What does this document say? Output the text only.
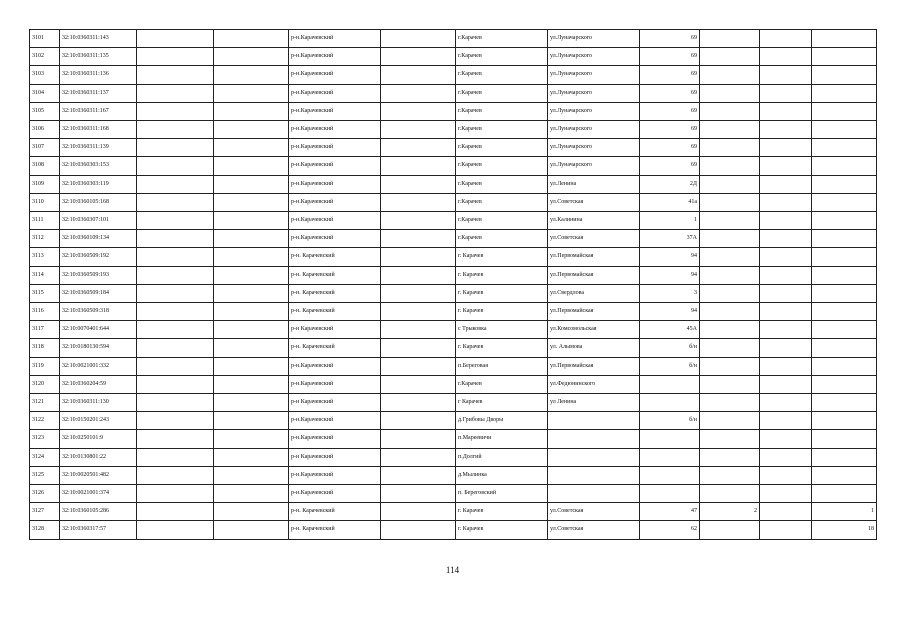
3101	32:10:0360311:143			р-н.Карачевский		г.Карачев	ул.Луначарского	69			
3102	32:10:0360311:135			р-н.Карачевский		г.Карачев	ул.Луначарского	69			
3103	32:10:0360311:136			р-н.Карачевский		г.Карачев	ул.Луначарского	69			
3104	32:10:0360311:137			р-н.Карачевский		г.Карачев	ул.Луначарского	69			
3105	32:10:0360311:167			р-н.Карачевский		г.Карачев	ул.Луначарского	69			
3106	32:10:0360311:168			р-н.Карачевский		г.Карачев	ул.Луначарского	69			
3107	32:10:0360311:139			р-н.Карачевский		г.Карачев	ул.Луначарского	69			
3108	32:10:0360303:153			р-н.Карачевский		г.Карачев	ул.Луначарского	69			
3109	32:10:0360303:119			р-н.Карачевский		г.Карачев	ул.Ленина	2Д			
3110	32:10:0360105:168			р-н.Карачевский		г.Карачев	ул.Советская	41а			
3111	32:10:0360307:101			р-н.Карачевский		г.Карачев	ул.Калинина	1			
3112	32:10:0360109:134			р-н.Карачевский		г.Карачев	ул.Советская	37А			
3113	32:10:0360509:192			р-н. Карачевский		г. Карачев	ул.Первомайская	94			
3114	32:10:0360509:193			р-н. Карачевский		г. Карачев	ул.Первомайская	94			
3115	32:10:0360509:184			р-н. Карачевский		г. Карачев	ул.Свердлова	3			
3116	32:10:0360509:318			р-н. Карачевский		г. Карачев	ул.Первомайская	94			
3117	32:10:0070401:644			р-н Карачевский		с Трыковка	ул.Комсомольская	45А			
3118	32:10:0180130:594			р-н. Карачевский		г. Карачев	ул. Алымова	б/н			
3119	32:10:0021001:332			р-н.Карачевский		п.Береговая	ул.Первомайская	б/н			
3120	32:10:0360204:59			р-н.Карачевский		г.Карачев	ул.Федюнинского				
3121	32:10:0360311:130			р-н Карачевский		г Карачев	ул Ленина				
3122	32:10:0150201:243			р-н.Карачевский		д.Грибовы Дворы		б/н			
3123	32:10:0250101:9			р-н.Карачевский		п.Мареевичи					
3124	32:10:0130801:22			р-н Карачевский		п.Долгий					
3125	32:10:0020501:482			р-н.Карачевский		д.Мылинка					
3126	32:10:0021001:374			р-н.Карачевский		п. Береговский					
3127	32:10:0360105:286			р-н. Карачевский		г. Карачев	ул.Советская	47	2		1
3128	32:10:0360317:57			р-н. Карачевский		г. Карачев	ул.Советская	62			18
114
